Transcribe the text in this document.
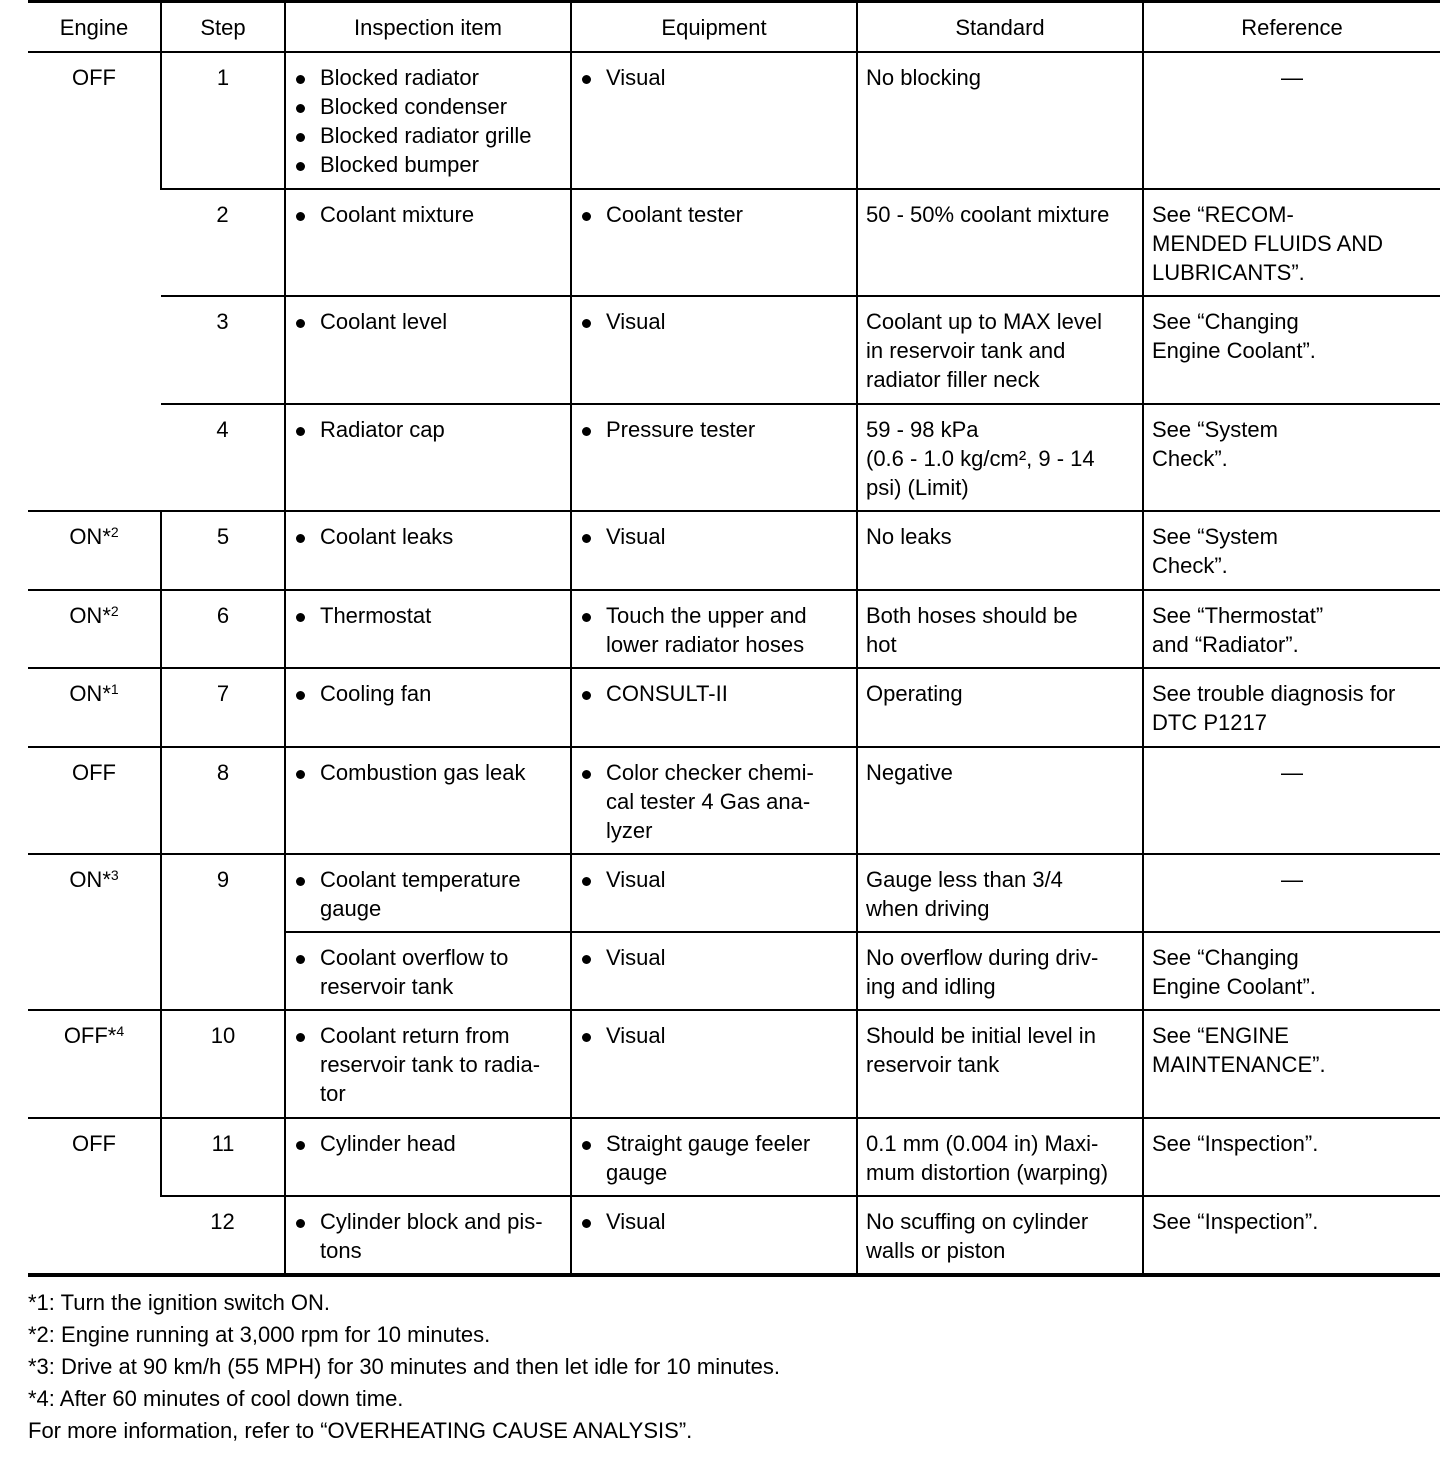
Engine	Step	Inspection item	Equipment	Standard	Reference
OFF	1	Blocked radiator
Blocked condenser
Blocked radiator grille
Blocked bumper	Visual	No blocking	—

	2	Coolant mixture	Coolant tester	50 - 50% coolant mixture	See “RECOM-
MENDED FLUIDS AND
LUBRICANTS”.

	3	Coolant level	Visual	Coolant up to MAX level
in reservoir tank and
radiator filler neck	See “Changing
Engine Coolant”.

	4	Radiator cap	Pressure tester	59 - 98 kPa
(0.6 - 1.0 kg/cm², 9 - 14
psi) (Limit)	See “System
Check”.

ON*$^2$	5	Coolant leaks	Visual	No leaks	See “System
Check”.

ON*$^2$	6	Thermostat	Touch the upper and
lower radiator hoses	Both hoses should be
hot	See “Thermostat”
and “Radiator”.

ON*$^1$	7	Cooling fan	CONSULT-II	Operating	See trouble diagnosis for
DTC P1217

OFF	8	Combustion gas leak	Color checker chemi-
cal tester 4 Gas ana-
lyzer	Negative	—

ON*$^3$	9	Coolant temperature
gauge	Visual	Gauge less than 3/4
when driving	—

		Coolant overflow to
reservoir tank	Visual	No overflow during driv-
ing and idling	See “Changing
Engine Coolant”.

OFF*$^4$	10	Coolant return from
reservoir tank to radia-
tor	Visual	Should be initial level in
reservoir tank	See “ENGINE
MAINTENANCE”.

OFF	11	Cylinder head	Straight gauge feeler
gauge	0.1 mm (0.004 in) Maxi-
mum distortion (warping)	See “Inspection”.

	12	Cylinder block and pis-
tons	Visual	No scuffing on cylinder
walls or piston	See “Inspection”.
*1: Turn the ignition switch ON.
*2: Engine running at 3,000 rpm for 10 minutes.
*3: Drive at 90 km/h (55 MPH) for 30 minutes and then let idle for 10 minutes.
*4: After 60 minutes of cool down time.
For more information, refer to “OVERHEATING CAUSE ANALYSIS”.
